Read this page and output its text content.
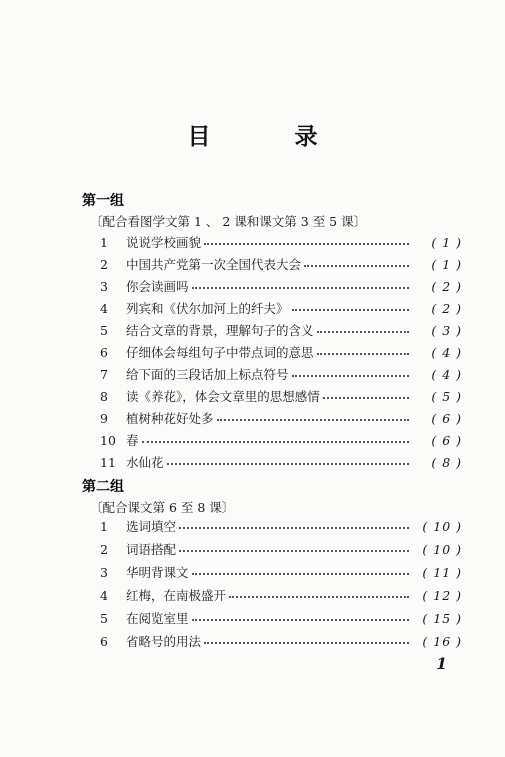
目 录
第一组
〔配合看图学文第 1 、 2 课和课文第 3 至 5 课〕
1	说说学校画貌	( 1 )
2	中国共产党第一次全国代表大会	( 1 )
3	你会读画吗	( 2 )
4	列宾和《伏尔加河上的纤夫》	( 2 )
5	结合文章的背景，理解句子的含义	( 3 )
6	仔细体会每组句子中带点词的意思	( 4 )
7	给下面的三段话加上标点符号	( 4 )
8	读《养花》，体会文章里的思想感情	( 5 )
9	植树种花好处多	( 6 )
10 春	( 6 )
11 水仙花	( 8 )
第二组
〔配合课文第 6 至 8 课〕
1	选词填空	( 10 )
2	词语搭配	( 10 )
3	华明背课文	( 11 )
4	红梅，在南极盛开	( 12 )
5	在阅览室里	( 15 )
6	省略号的用法	( 16 )
1
